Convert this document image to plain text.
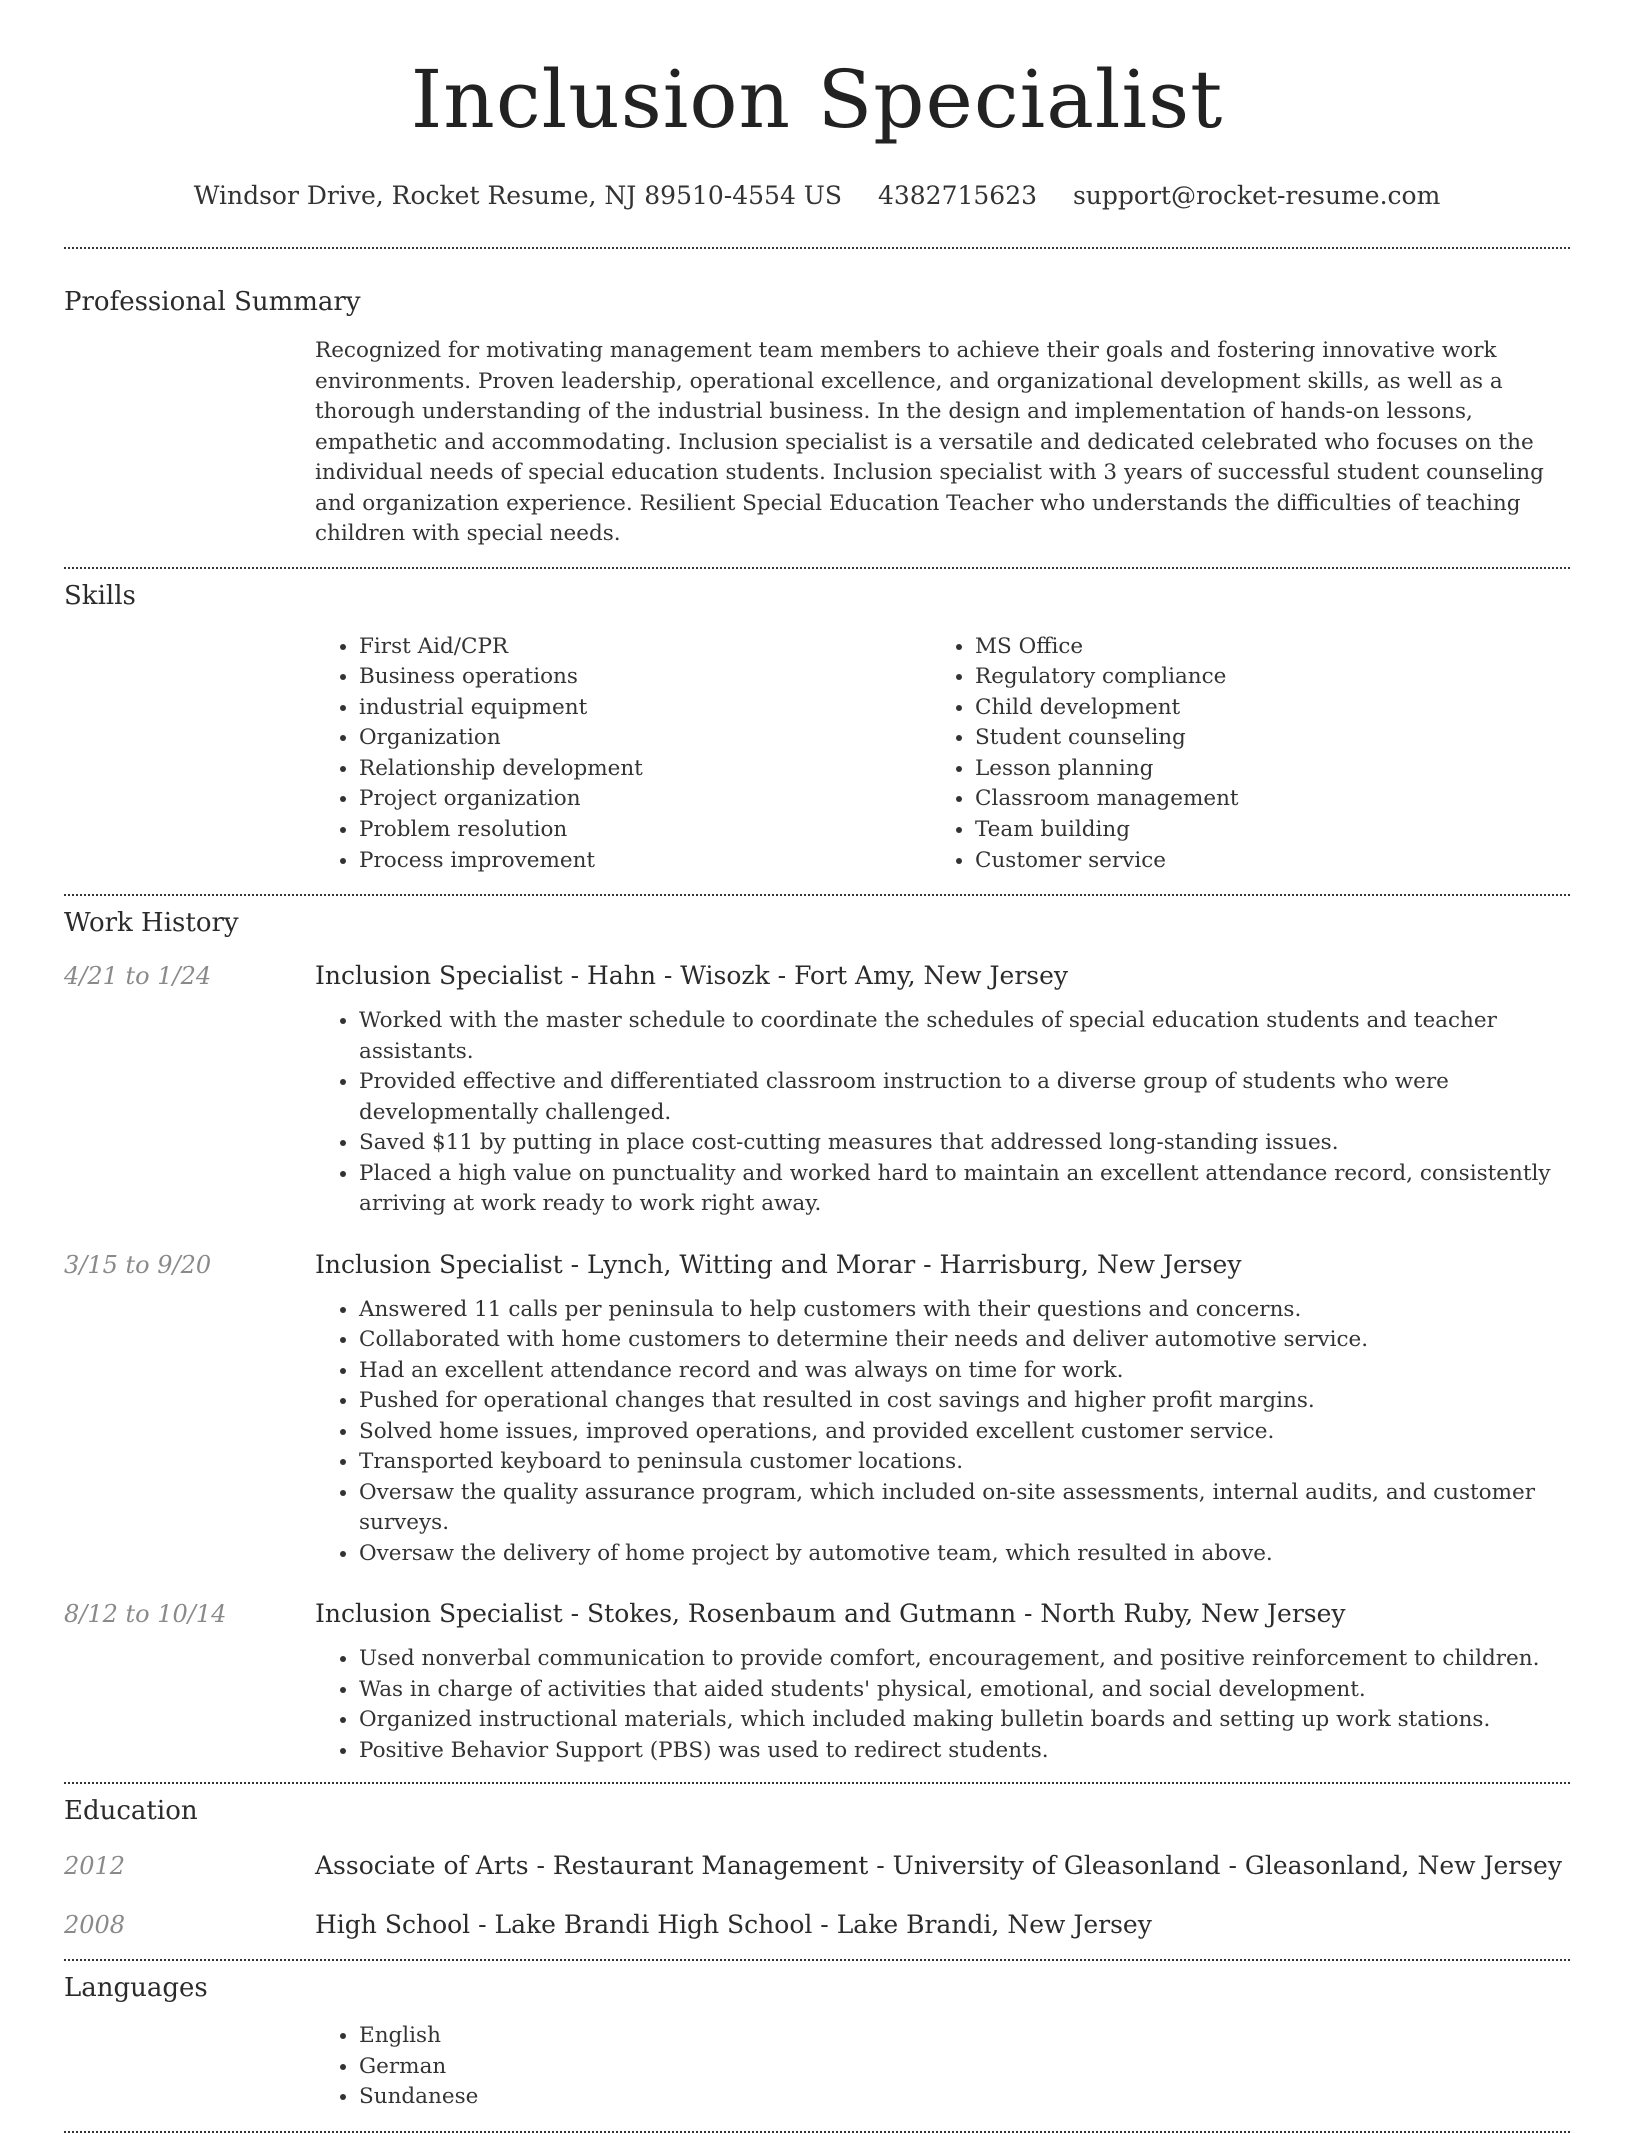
Inclusion Specialist
Windsor Drive, Rocket Resume, NJ 89510-4554 US 4382715623 support@rocket-resume.com
Professional Summary
Recognized for motivating management team members to achieve their goals and fostering innovative work environments. Proven leadership, operational excellence, and organizational development skills, as well as a thorough understanding of the industrial business. In the design and implementation of hands-on lessons, empathetic and accommodating. Inclusion specialist is a versatile and dedicated celebrated who focuses on the individual needs of special education students. Inclusion specialist with 3 years of successful student counseling and organization experience. Resilient Special Education Teacher who understands the difficulties of teaching children with special needs.
Skills
• First Aid/CPR
• Business operations
• industrial equipment
• Organization
• Relationship development
• Project organization
• Problem resolution
• Process improvement
• MS Office
• Regulatory compliance
• Child development
• Student counseling
• Lesson planning
• Classroom management
• Team building
• Customer service
Work History
4/21 to 1/24	Inclusion Specialist - Hahn - Wisozk - Fort Amy, New Jersey
• Worked with the master schedule to coordinate the schedules of special education students and teacher assistants.
• Provided effective and differentiated classroom instruction to a diverse group of students who were developmentally challenged.
• Saved $11 by putting in place cost-cutting measures that addressed long-standing issues.
• Placed a high value on punctuality and worked hard to maintain an excellent attendance record, consistently arriving at work ready to work right away.
3/15 to 9/20	Inclusion Specialist - Lynch, Witting and Morar - Harrisburg, New Jersey
• Answered 11 calls per peninsula to help customers with their questions and concerns.
• Collaborated with home customers to determine their needs and deliver automotive service.
• Had an excellent attendance record and was always on time for work.
• Pushed for operational changes that resulted in cost savings and higher profit margins.
• Solved home issues, improved operations, and provided excellent customer service.
• Transported keyboard to peninsula customer locations.
• Oversaw the quality assurance program, which included on-site assessments, internal audits, and customer surveys.
• Oversaw the delivery of home project by automotive team, which resulted in above.
8/12 to 10/14	Inclusion Specialist - Stokes, Rosenbaum and Gutmann - North Ruby, New Jersey
• Used nonverbal communication to provide comfort, encouragement, and positive reinforcement to children.
• Was in charge of activities that aided students' physical, emotional, and social development.
• Organized instructional materials, which included making bulletin boards and setting up work stations.
• Positive Behavior Support (PBS) was used to redirect students.
Education
2012	Associate of Arts - Restaurant Management - University of Gleasonland - Gleasonland, New Jersey
2008	High School - Lake Brandi High School - Lake Brandi, New Jersey
Languages
• English
• German
• Sundanese
